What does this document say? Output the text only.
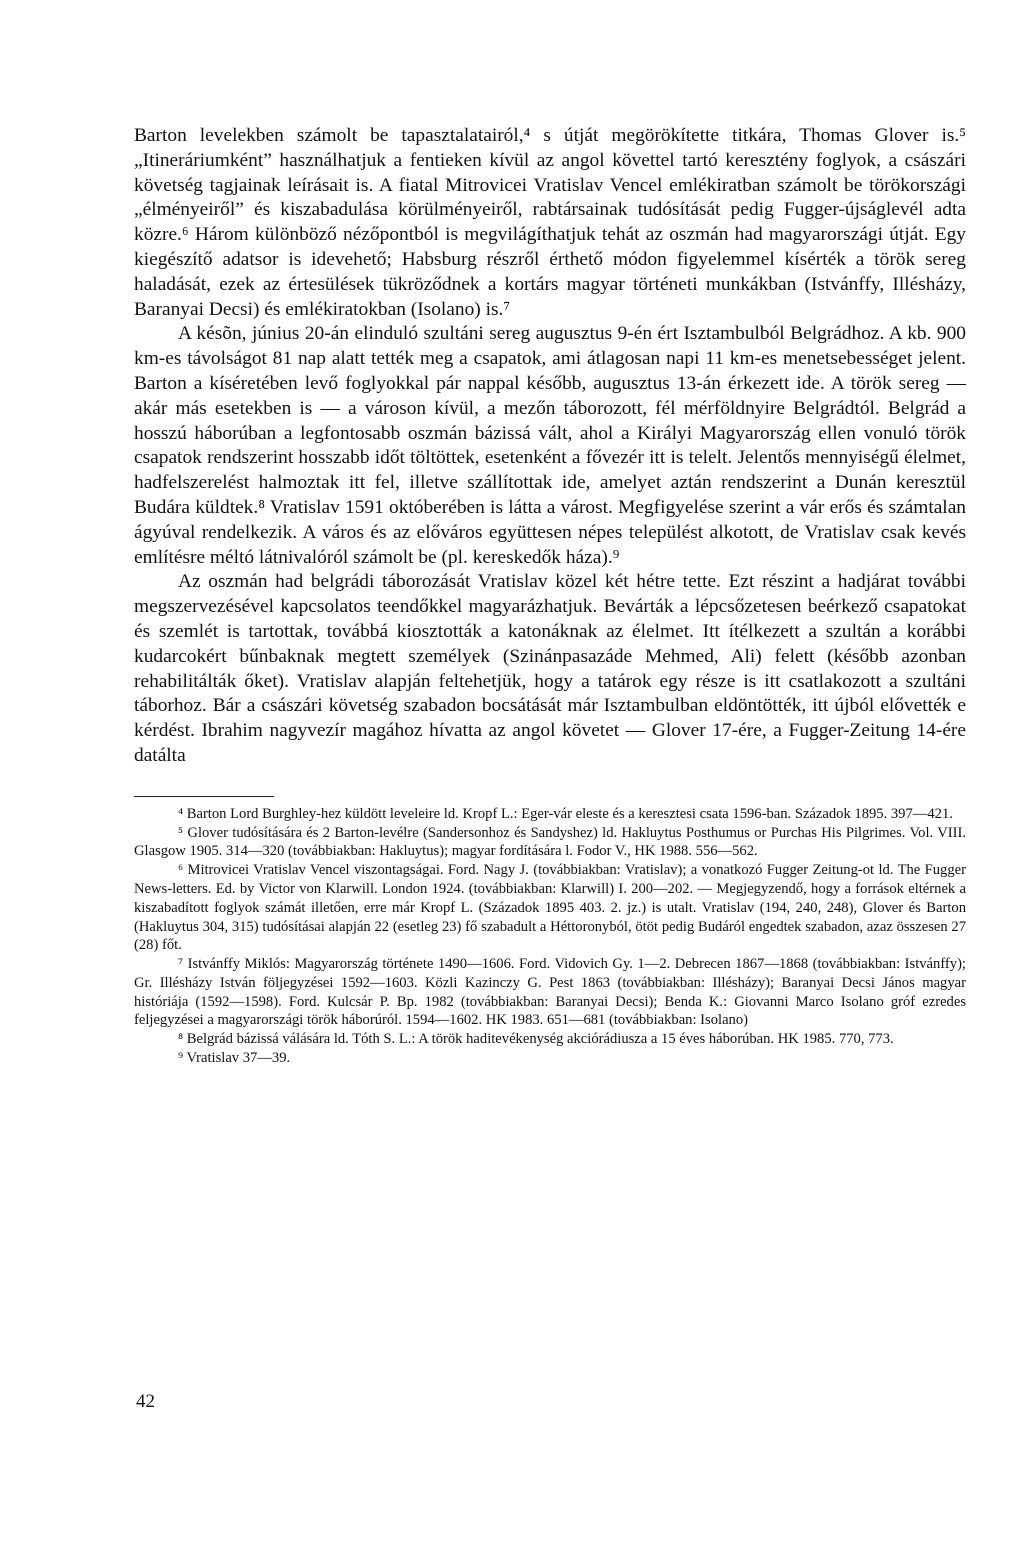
Barton levelekben számolt be tapasztalatairól,⁴ s útját megörökítette titkára, Thomas Glover is.⁵ „Itineráriumként” használhatjuk a fentieken kívül az angol követtel tartó keresztény foglyok, a császári követség tagjainak leírásait is. A fiatal Mitrovicei Vratislav Vencel emlékiratban számolt be törökországi „élményeiről” és kiszabadulása körülményeiről, rabtársainak tudósítását pedig Fugger-újságlevél adta közre.⁶ Három különböző nézőpontból is megvilágíthatjuk tehát az oszmán had magyarországi útját. Egy kiegészítő adatsor is idevehető; Habsburg részről érthető módon figyelemmel kísérték a török sereg haladását, ezek az értesülések tükröződnek a kortárs magyar történeti munkákban (Istvánffy, Illésházy, Baranyai Decsi) és emlékiratokban (Isolano) is.⁷

A késõn, június 20-án elinduló szultáni sereg augusztus 9-én ért Isztambulból Belgrádhoz. A kb. 900 km-es távolságot 81 nap alatt tették meg a csapatok, ami átlagosan napi 11 km-es menetsebességet jelent. Barton a kíséretében levő foglyokkal pár nappal később, augusztus 13-án érkezett ide. A török sereg — akár más esetekben is — a városon kívül, a mezőn táborozott, fél mérföldnyire Belgrádtól. Belgrád a hosszú háborúban a legfontosabb oszmán bázissá vált, ahol a Királyi Magyarország ellen vonuló török csapatok rendszerint hosszabb időt töltöttek, esetenként a fővezér itt is telelt. Jelentős mennyiségű élelmet, hadfelszerelést halmoztak itt fel, illetve szállítottak ide, amelyet aztán rendszerint a Dunán keresztül Budára küldtek.⁸ Vratislav 1591 októberében is látta a várost. Megfigyelése szerint a vár erős és számtalan ágyúval rendelkezik. A város és az előváros együttesen népes települést alkotott, de Vratislav csak kevés említésre méltó látnivalóról számolt be (pl. kereskedők háza).⁹

Az oszmán had belgrádi táborozását Vratislav közel két hétre tette. Ezt részint a hadjárat további megszervezésével kapcsolatos teendőkkel magyarázhatjuk. Bevárták a lépcsőzetesen beérkező csapatokat és szemlét is tartottak, továbbá kiosztották a katonáknak az élelmet. Itt ítélkezett a szultán a korábbi kudarcokért bűnbaknak megtett személyek (Szinánpasazáde Mehmed, Ali) felett (később azonban rehabilitálták őket). Vratislav alapján feltehetjük, hogy a tatárok egy része is itt csatlakozott a szultáni táborhoz. Bár a császári követség szabadon bocsátását már Isztambulban eldöntötték, itt újból elővették e kérdést. Ibrahim nagyvezír magához hívatta az angol követet — Glover 17-ére, a Fugger-Zeitung 14-ére datálta

⁴ Barton Lord Burghley-hez küldött leveleire ld. Kropf L.: Eger-vár eleste és a keresztesi csata 1596-ban. Századok 1895. 397—421.

⁵ Glover tudósítására és 2 Barton-levélre (Sandersonhoz és Sandyshez) ld. Hakluytus Posthumus or Purchas His Pilgrimes. Vol. VIII. Glasgow 1905. 314—320 (továbbiakban: Hakluytus); magyar fordítására l. Fodor V., HK 1988. 556—562.

⁶ Mitrovicei Vratislav Vencel viszontagságai. Ford. Nagy J. (továbbiakban: Vratislav); a vonatkozó Fugger Zeitung-ot ld. The Fugger News-letters. Ed. by Victor von Klarwill. London 1924. (továbbiakban: Klarwill) I. 200—202. — Megjegyzendő, hogy a források eltérnek a kiszabadított foglyok számát illetően, erre már Kropf L. (Századok 1895 403. 2. jz.) is utalt. Vratislav (194, 240, 248), Glover és Barton (Hakluytus 304, 315) tudósításai alapján 22 (esetleg 23) fő szabadult a Héttoronyból, ötöt pedig Budáról engedtek szabadon, azaz összesen 27 (28) főt.

⁷ Istvánffy Miklós: Magyarország története 1490—1606. Ford. Vidovich Gy. 1—2. Debrecen 1867—1868 (továbbiakban: Istvánffy); Gr. Illésházy István följegyzései 1592—1603. Közli Kazinczy G. Pest 1863 (továbbiakban: Illésházy); Baranyai Decsi János magyar históriája (1592—1598). Ford. Kulcsár P. Bp. 1982 (továbbiakban: Baranyai Decsi); Benda K.: Giovanni Marco Isolano gróf ezredes feljegyzései a magyarországi török háborúról. 1594—1602. HK 1983. 651—681 (továbbiakban: Isolano)

⁸ Belgrád bázissá válására ld. Tóth S. L.: A török haditevékenység akciórádiusza a 15 éves háborúban. HK 1985. 770, 773.

⁹ Vratislav 37—39.

42
